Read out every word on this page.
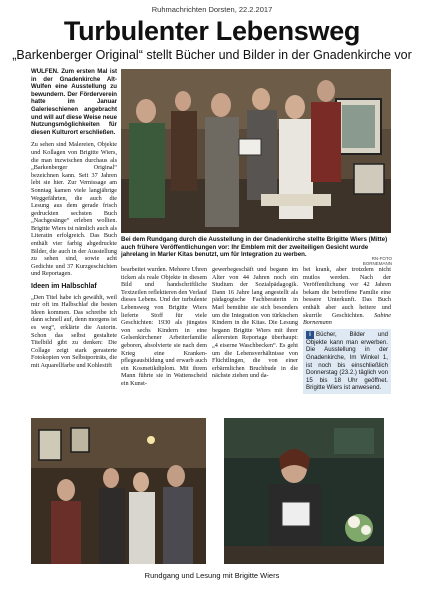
Ruhmachrichten Dorsten, 22.2.2017
Turbulenter Lebensweg
„Barkenberger Original“ stellt Bücher und Bilder in der Gnadenkirche vor

WULFEN. Zum ersten Mal ist in der Gnadenkirche Alt-Wulfen eine Ausstellung zu bewundern. Der Förderverein hatte im Januar Galerieschienen angebracht und will auf diese Weise neue Nutzungsmöglichkeiten für diesen Kulturort erschließen.

Zu sehen sind Malereien, Objekte und Kollagen von Brigitte Wiers, die man inzwischen durchaus als „Barkenberger Original“ bezeichnen kann. Seit 37 Jahren lebt sie hier. Zur Vernissage am Sonntag kamen viele langjährige Weggefährten, die auch die Lesung aus dem gerade frisch gedruckten sechsten Buch „Nachgesänge“ erleben wollten. Brigitte Wiers ist nämlich auch als Literatin erfolgreich. Das Buch enthält vier farbig abgedruckte Bilder, die auch in der Ausstellung zu sehen sind, sowie acht Gedichte und 37 Kurzgeschichten und Reportagen.

Ideen im Halbschlaf

„Den Titel habe ich gewählt, weil mir oft im Halbschlaf die besten Ideen kommen. Das schreibe ich dann schnell auf, denn morgens ist es weg“, erklärte die Autorin. Schon das selbst gestaltete Titelbild gibt zu denken: Die Collage zeigt stark gerasterte Fotokopien von Selbstporträts, die mit Aquarellfarbe und Kohlestift

Bei dem Rundgang durch die Ausstellung in der Gnadenkirche stellte Brigitte Wiers (Mitte) auch frühere Veröffentlichungen vor: Ihr Emblem mit der zweiteiligen Gesicht wurde jahrelang in Marler Kitas benutzt, um für Integration zu werben.
RN-FOTO BORNEMANN

bearbeitet wurden. Mehrere Uhren ticken als reale Objekte in diesem Bild und handschriftliche Textzeilen reflektieren den Verlauf dieses Lebens. Und der turbulente Lebensweg von Brigitte Wiers lieferte Stoff für viele Geschichten: 1930 als jüngstes von sechs Kindern in eine Gelsenkirchener Arbeiterfamilie geboren, absolvierte sie nach dem Krieg eine Krankenpflegeausbildung und erwarb auch ein Kosmetikdiplom. Mit ihrem Mann führte sie in Wattenscheid ein Kunst-

gewerbegeschäft und begann im Alter von 44 Jahren noch ein Studium der Sozialpädagogik. Dann 16 Jahre lang angestellt als pädagogische Fachberaterin in Marl bemühte sie sich besonders um die Integration von türkischen Kindern in die Kitas. Die Lesung begann Brigitte Wiers mit ihrer allerersten Reportage überhaupt: „4 eiserne Waschbecken“. Es geht um die Lebensverhältnisse von Flüchtlingen, die von einer erbärmlichen Bruchbude in die nächste ziehen und da-

bei krank, aber trotzdem nicht mutlos werden. Nach der Veröffentlichung vor 42 Jahren bekam die betroffene Familie eine bessere Unterkunft. Das Buch enthält aber auch heitere und skurrile Geschichten. Sabine Bornemann

i Bücher, Bilder und Objekte kann man erwerben. Die Ausstellung in der Gnadenkirche, Im Winkel 1, ist noch bis einschließlich Donnerstag (23.2.) täglich von 15 bis 18 Uhr geöffnet. Brigitte Wiers ist anwesend.
Rundgang und Lesung mit Brigitte Wiers
